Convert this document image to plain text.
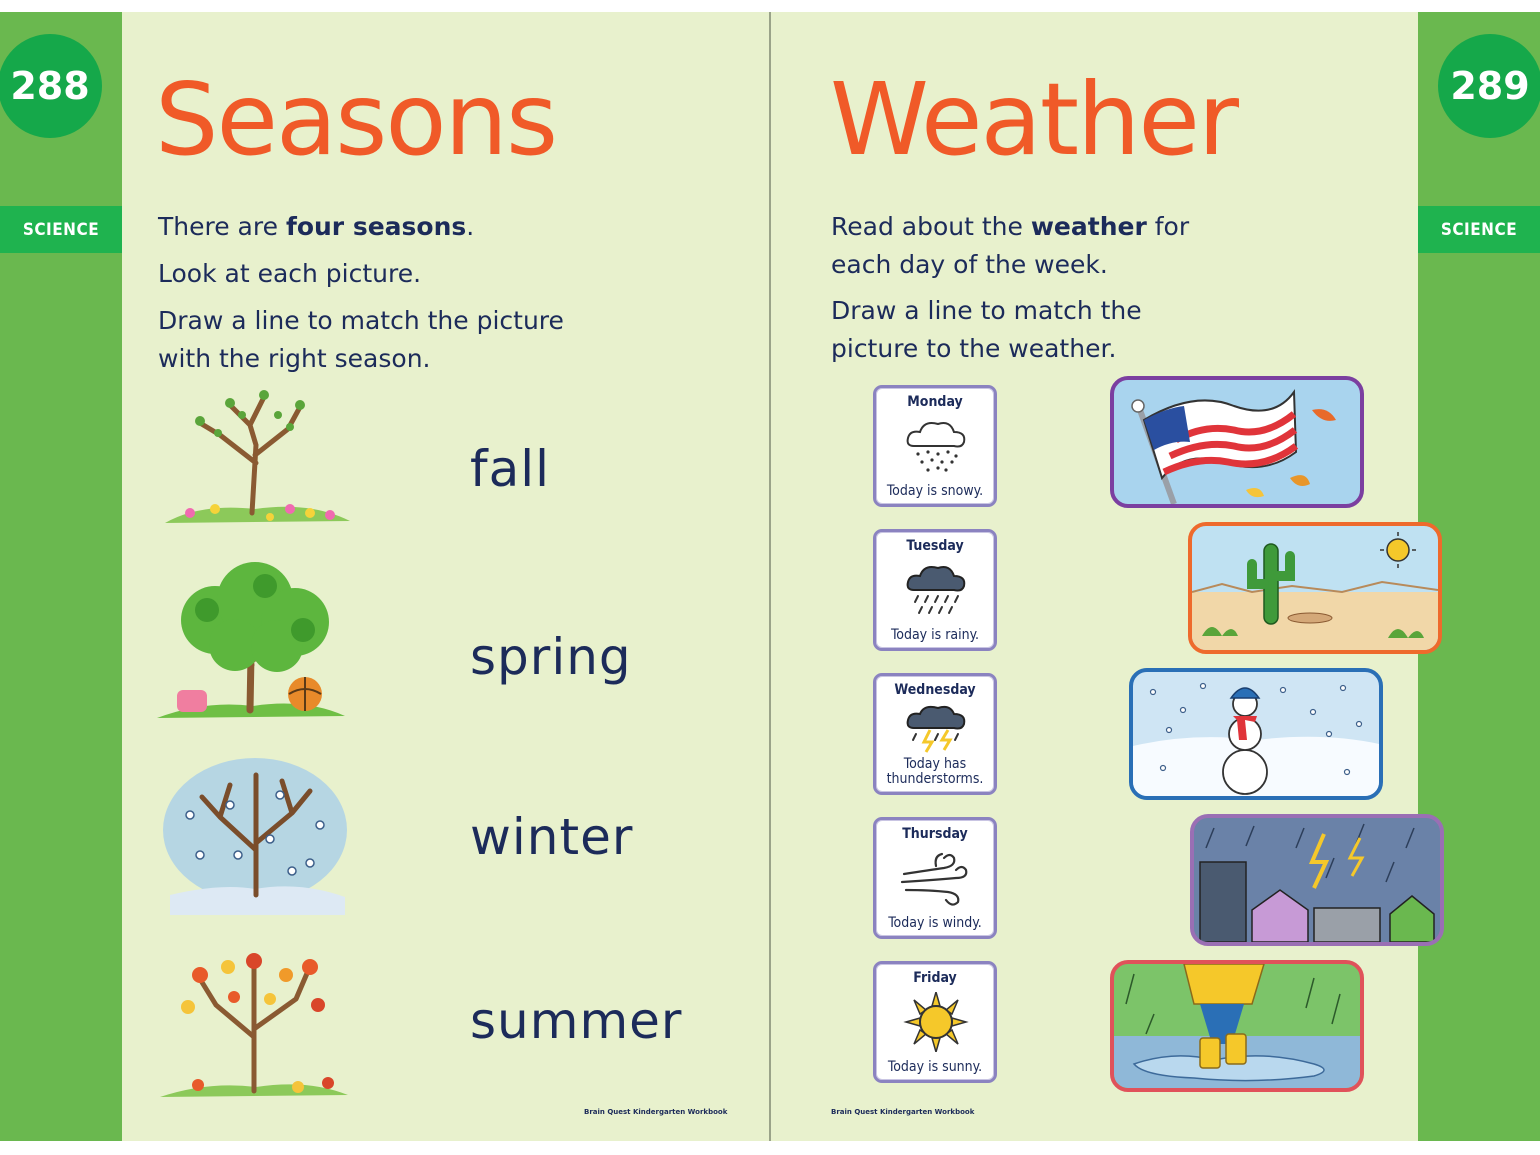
288
SCIENCE
Seasons

There are four seasons.

Look at each picture.

Draw a line to match the picture
with the right season.

fall
spring
winter
summer
Brain Quest Kindergarten Workbook
289
SCIENCE
Weather

Read about the weather for
each day of the week.

Draw a line to match the
picture to the weather.

Monday
Today is snowy.
Tuesday
Today is rainy.
Wednesday
Today has
thunderstorms.
Thursday
Today is windy.
Friday
Today is sunny.
Brain Quest Kindergarten Workbook
